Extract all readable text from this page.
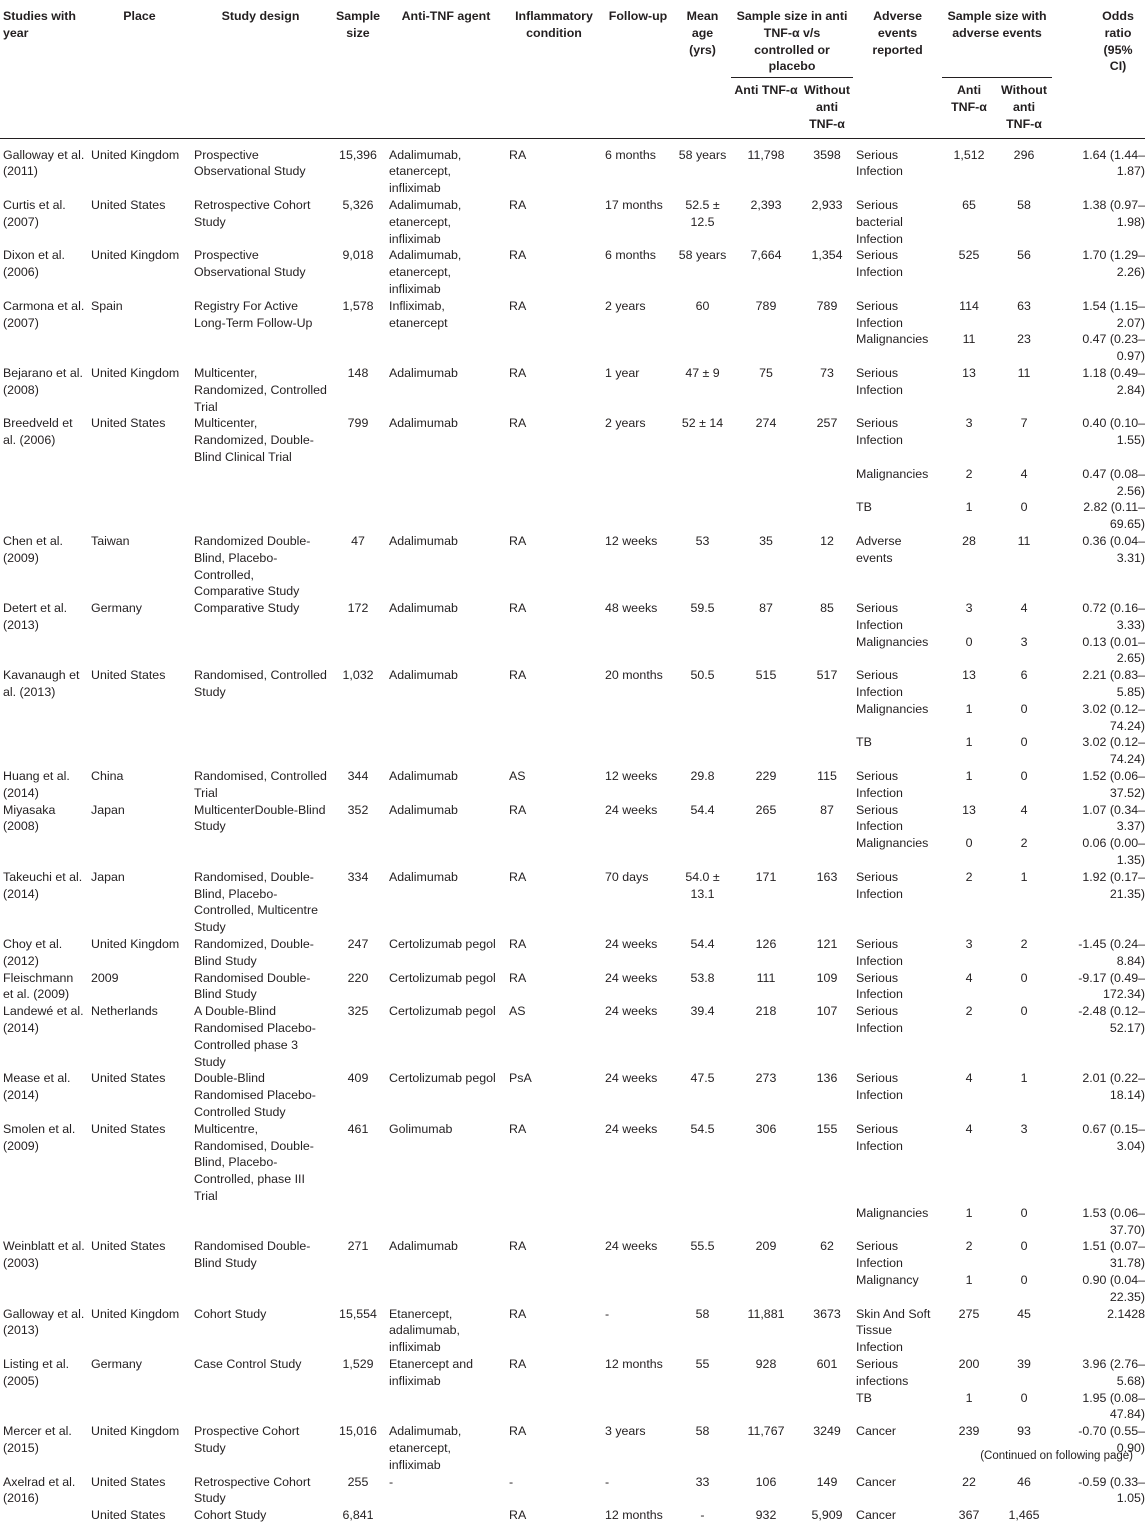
Studies with year	Place	Study design	Sample size	Anti-TNF agent	Inflammatory condition	Follow-up	Mean age (yrs)	Sample size in anti TNF-α v/s controlled or placebo		Adverse events reported	Sample size with adverse events		Odds ratio (95% CI)
								Anti TNF-α	Without anti TNF-α		Anti TNF-α	Without anti TNF-α	
Galloway et al. (2011)	United Kingdom	Prospective Observational Study	15,396	Adalimumab, etanercept, infliximab	RA	6 months	58 years	11,798	3598	Serious Infection	1,512	296	1.64 (1.44–1.87)
Curtis et al. (2007)	United States	Retrospective Cohort Study	5,326	Adalimumab, etanercept, infliximab	RA	17 months	52.5 ± 12.5	2,393	2,933	Serious bacterial Infection	65	58	1.38 (0.97–1.98)
Dixon et al. (2006)	United Kingdom	Prospective Observational Study	9,018	Adalimumab, etanercept, infliximab	RA	6 months	58 years	7,664	1,354	Serious Infection	525	56	1.70 (1.29–2.26)
Carmona et al. (2007)	Spain	Registry For Active Long-Term Follow-Up	1,578	Infliximab, etanercept	RA	2 years	60	789	789	Serious Infection	114	63	1.54 (1.15–2.07)
										Malignancies	11	23	0.47 (0.23–0.97)
Bejarano et al. (2008)	United Kingdom	Multicenter, Randomized, Controlled Trial	148	Adalimumab	RA	1 year	47 ± 9	75	73	Serious Infection	13	11	1.18 (0.49–2.84)
Breedveld et al. (2006)	United States	Multicenter, Randomized, Double-Blind Clinical Trial	799	Adalimumab	RA	2 years	52 ± 14	274	257	Serious Infection	3	7	0.40 (0.10–1.55)
										Malignancies	2	4	0.47 (0.08–2.56)
										TB	1	0	2.82 (0.11–69.65)
Chen et al. (2009)	Taiwan	Randomized Double-Blind, Placebo-Controlled, Comparative Study	47	Adalimumab	RA	12 weeks	53	35	12	Adverse events	28	11	0.36 (0.04–3.31)
Detert et al. (2013)	Germany	Comparative Study	172	Adalimumab	RA	48 weeks	59.5	87	85	Serious Infection	3	4	0.72 (0.16–3.33)
										Malignancies	0	3	0.13 (0.01–2.65)
Kavanaugh et al. (2013)	United States	Randomised, Controlled Study	1,032	Adalimumab	RA	20 months	50.5	515	517	Serious Infection	13	6	2.21 (0.83–5.85)
										Malignancies	1	0	3.02 (0.12–74.24)
										TB	1	0	3.02 (0.12–74.24)
Huang et al. (2014)	China	Randomised, Controlled Trial	344	Adalimumab	AS	12 weeks	29.8	229	115	Serious Infection	1	0	1.52 (0.06–37.52)
Miyasaka (2008)	Japan	MulticenterDouble-Blind Study	352	Adalimumab	RA	24 weeks	54.4	265	87	Serious Infection	13	4	1.07 (0.34–3.37)
										Malignancies	0	2	0.06 (0.00–1.35)
Takeuchi et al. (2014)	Japan	Randomised, Double-Blind, Placebo-Controlled, Multicentre Study	334	Adalimumab	RA	70 days	54.0 ± 13.1	171	163	Serious Infection	2	1	1.92 (0.17–21.35)
Choy et al. (2012)	United Kingdom	Randomized, Double-Blind Study	247	Certolizumab pegol	RA	24 weeks	54.4	126	121	Serious Infection	3	2	-1.45 (0.24–8.84)
Fleischmann et al. (2009)	2009	Randomised Double-Blind Study	220	Certolizumab pegol	RA	24 weeks	53.8	111	109	Serious Infection	4	0	-9.17 (0.49–172.34)
Landewé et al. (2014)	Netherlands	A Double-Blind Randomised Placebo-Controlled phase 3 Study	325	Certolizumab pegol	AS	24 weeks	39.4	218	107	Serious Infection	2	0	-2.48 (0.12–52.17)
Mease et al. (2014)	United States	Double-Blind Randomised Placebo-Controlled Study	409	Certolizumab pegol	PsA	24 weeks	47.5	273	136	Serious Infection	4	1	2.01 (0.22–18.14)
Smolen et al. (2009)	United States	Multicentre, Randomised, Double-Blind, Placebo-Controlled, phase III Trial	461	Golimumab	RA	24 weeks	54.5	306	155	Serious Infection	4	3	0.67 (0.15–3.04)
										Malignancies	1	0	1.53 (0.06–37.70)
Weinblatt et al. (2003)	United States	Randomised Double-Blind Study	271	Adalimumab	RA	24 weeks	55.5	209	62	Serious Infection	2	0	1.51 (0.07–31.78)
										Malignancy	1	0	0.90 (0.04–22.35)
Galloway et al. (2013)	United Kingdom	Cohort Study	15,554	Etanercept, adalimumab, infliximab	RA	-	58	11,881	3673	Skin And Soft Tissue Infection	275	45	2.1428
Listing et al. (2005)	Germany	Case Control Study	1,529	Etanercept and infliximab	RA	12 months	55	928	601	Serious infections	200	39	3.96 (2.76–5.68)
										TB	1	0	1.95 (0.08–47.84)
Mercer et al. (2015)	United Kingdom	Prospective Cohort Study	15,016	Adalimumab, etanercept, infliximab	RA	3 years	58	11,767	3249	Cancer	239	93	-0.70 (0.55–0.90)
Axelrad et al. (2016)	United States	Retrospective Cohort Study	255	-	-	-	33	106	149	Cancer	22	46	-0.59 (0.33–1.05)
	United States	Cohort Study	6,841		RA	12 months	-	932	5,909	Cancer	367	1,465	
(Continued on following page)
